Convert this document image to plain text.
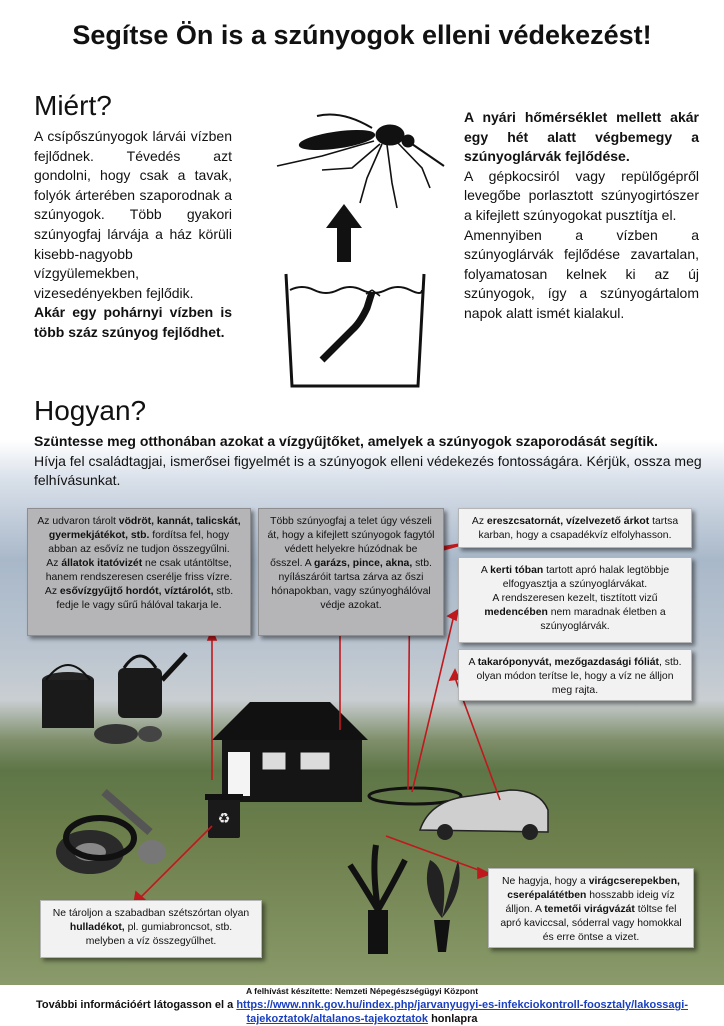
Segítse Ön is a szúnyogok elleni védekezést!
Miért?
A csípőszúnyogok lárvái vízben fejlődnek. Tévedés azt gondolni, hogy csak a tavak, folyók árterében szaporodnak a szúnyogok. Több gyakori szúnyogfaj lárvája a ház körüli kisebb-nagyobb vízgyülemekben, vizesedényekben fejlődik.
Akár egy pohárnyi vízben is több száz szúnyog fejlődhet.
A nyári hőmérséklet mellett akár egy hét alatt végbemegy a szúnyoglárvák fejlődése.
A gépkocsiról vagy repülőgépről levegőbe porlasztott szúnyogirtószer a kifejlett szúnyogokat pusztítja el.
Amennyiben a vízben a szúnyoglárvák fejlődése zavartalan, folyamatosan kelnek ki az új szúnyogok, így a szúnyogártalom napok alatt ismét kialakul.
Hogyan?
Szüntesse meg otthonában azokat a vízgyűjtőket, amelyek a szúnyogok szaporodását segítik.
Hívja fel családtagjai, ismerősei figyelmét is a szúnyogok elleni védekezés fontosságára. Kérjük, ossza meg felhívásunkat.
♻
Az udvaron tárolt vödröt, kannát, talicskát, gyermekjátékot, stb. fordítsa fel, hogy abban az esővíz ne tudjon összegyűlni.
Az állatok itatóvizét ne csak utántöltse, hanem rendszeresen cserélje friss vízre.
Az esővízgyűjtő hordót, víztárolót, stb. fedje le vagy sűrű hálóval takarja le.
Több szúnyogfaj a telet úgy vészeli át, hogy a kifejlett szúnyogok fagytól védett helyekre húzódnak be ősszel. A garázs, pince, akna, stb. nyílászáróit tartsa zárva az őszi hónapokban, vagy szúnyoghálóval védje azokat.
Az ereszcsatornát, vízelvezető árkot tartsa karban, hogy a csapadékvíz elfolyhasson.
A kerti tóban tartott apró halak legtöbbje elfogyasztja a szúnyoglárvákat.
A rendszeresen kezelt, tisztított vizű medencében nem maradnak életben a szúnyoglárvák.
A takaróponyvát, mezőgazdasági fóliát, stb. olyan módon terítse le, hogy a víz ne álljon meg rajta.
Ne tároljon a szabadban szétszórtan olyan hulladékot, pl. gumiabroncsot, stb. melyben a víz összegyűlhet.
Ne hagyja, hogy a virágcserepekben, cserépalátétben hosszabb ideig víz álljon. A temetői virágvázát töltse fel apró kaviccsal, sóderral vagy homokkal és erre öntse a vizet.
A felhívást készítette: Nemzeti Népegészségügyi Központ
További információért látogasson el a https://www.nnk.gov.hu/index.php/jarvanyugyi-es-infekciokontroll-foosztaly/lakossagi-tajekoztatok/altalanos-tajekoztatok honlapra
